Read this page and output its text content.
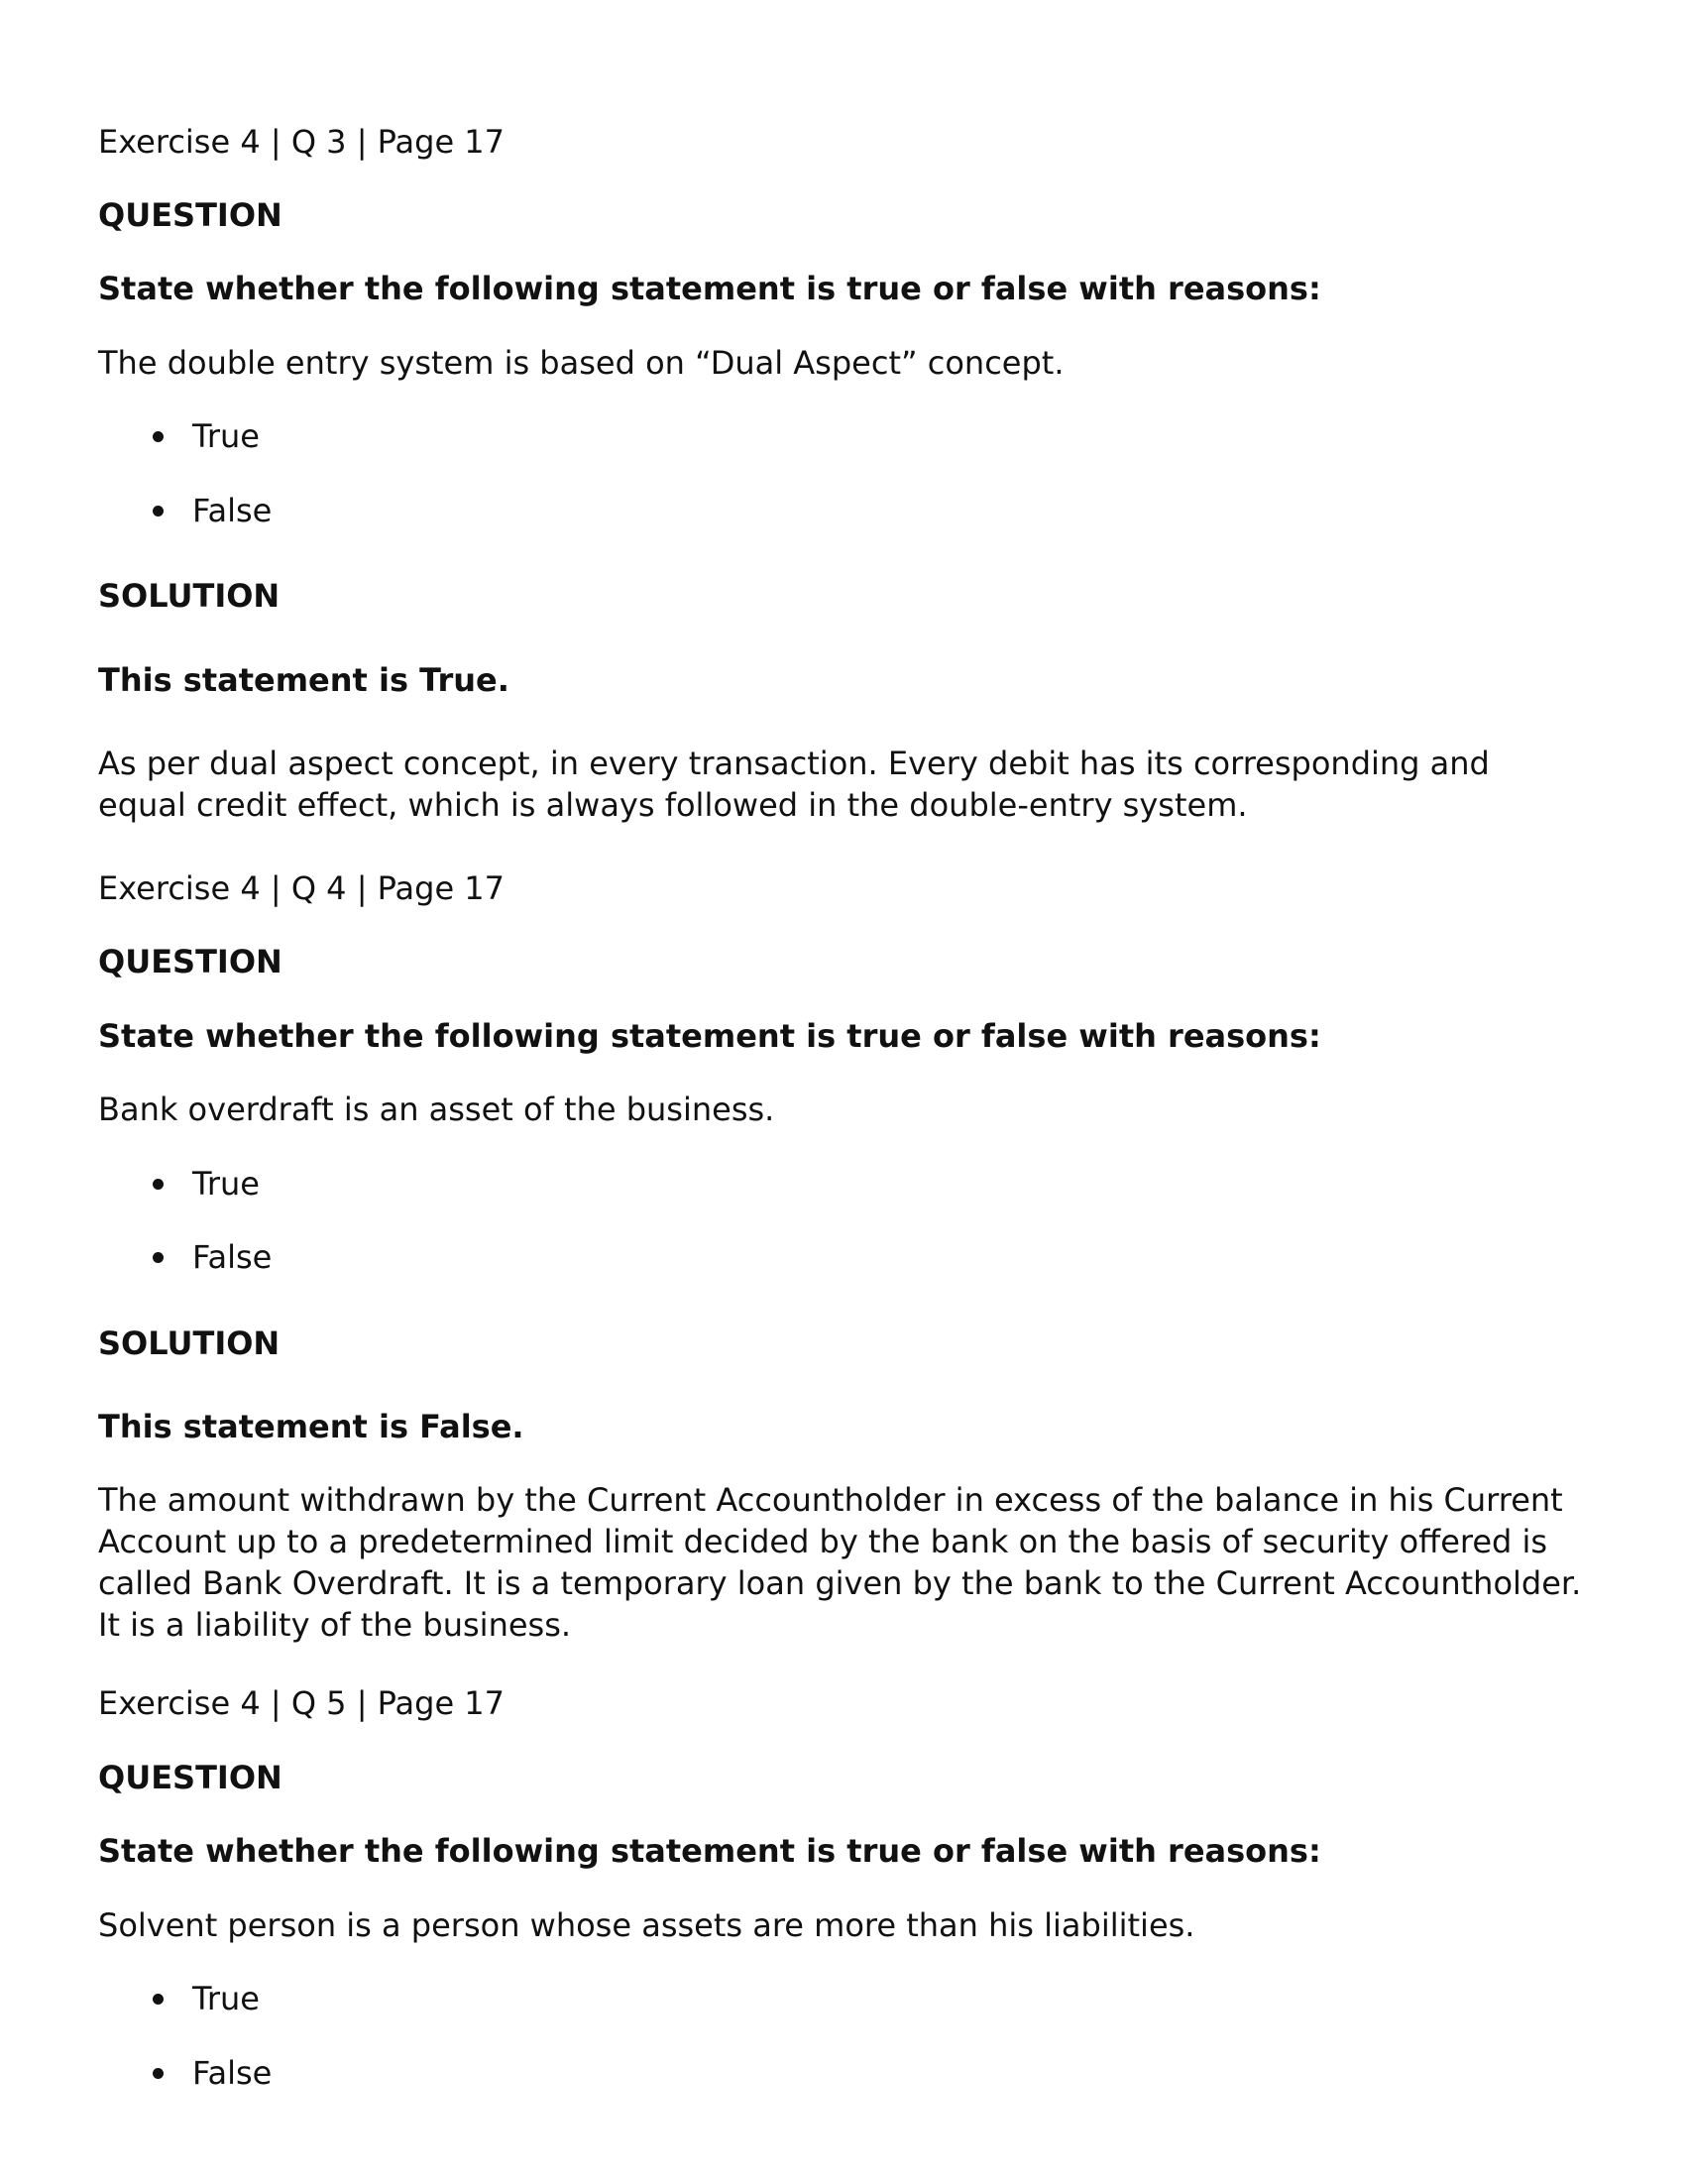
Exercise 4 | Q 3 | Page 17

QUESTION

State whether the following statement is true or false with reasons:

The double entry system is based on “Dual Aspect” concept.

True
False

SOLUTION

This statement is True.

As per dual aspect concept, in every transaction. Every debit has its corresponding and equal credit effect, which is always followed in the double-entry system.

Exercise 4 | Q 4 | Page 17

QUESTION

State whether the following statement is true or false with reasons:

Bank overdraft is an asset of the business.

True
False

SOLUTION

This statement is False.

The amount withdrawn by the Current Accountholder in excess of the balance in his Current Account up to a predetermined limit decided by the bank on the basis of security offered is called Bank Overdraft. It is a temporary loan given by the bank to the Current Accountholder. It is a liability of the business.

Exercise 4 | Q 5 | Page 17

QUESTION

State whether the following statement is true or false with reasons:

Solvent person is a person whose assets are more than his liabilities.

True
False
